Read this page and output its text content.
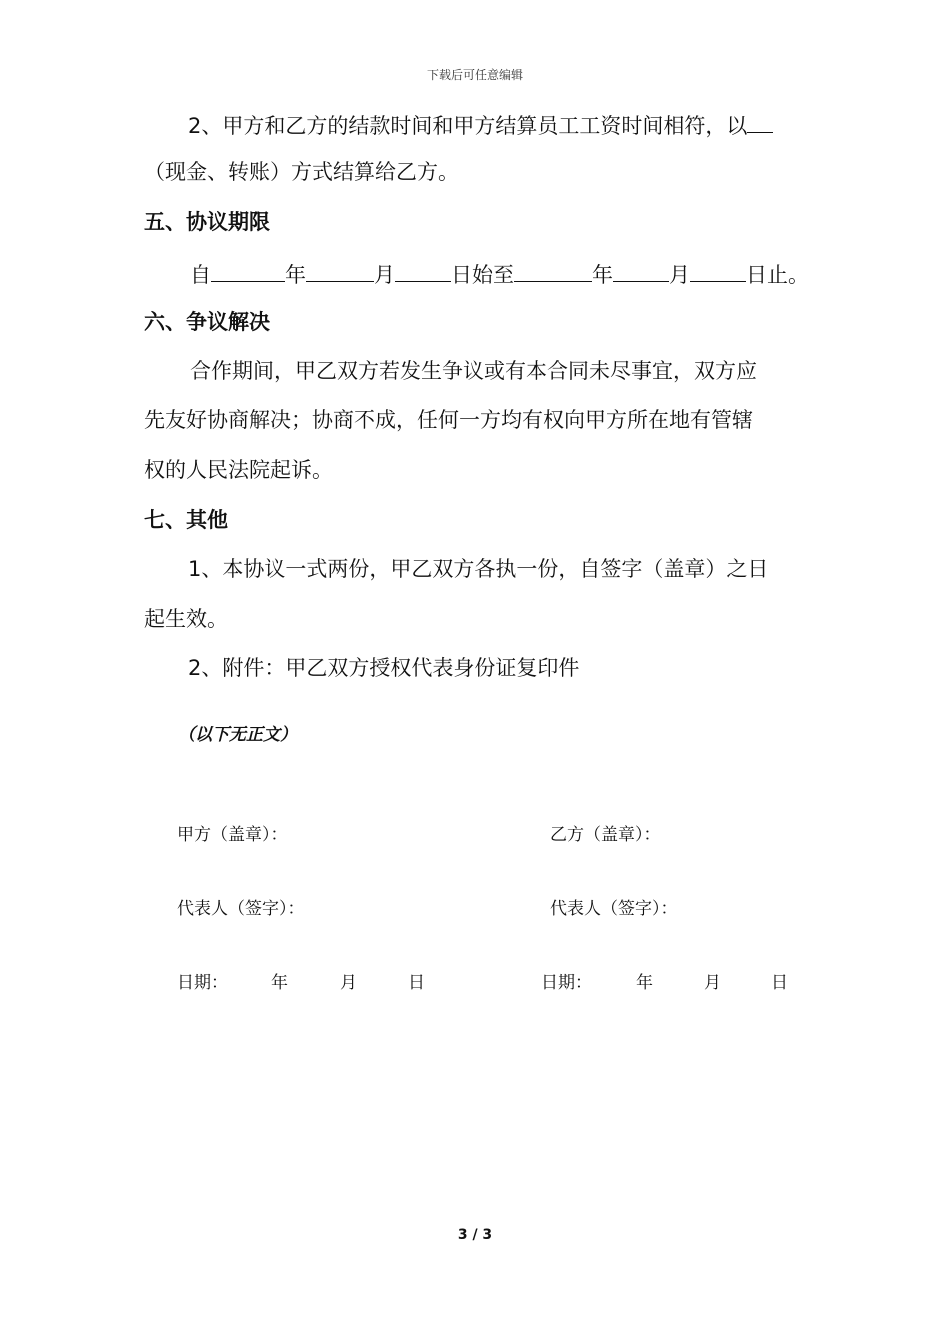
下载后可任意编辑
2、甲方和乙方的结款时间和甲方结算员工工资时间相符，以
（现金、转账）方式结算给乙方。
五、协议期限
自	年	月	日始至	年	月	日止。
六、争议解决
合作期间，甲乙双方若发生争议或有本合同未尽事宜，双方应
先友好协商解决；协商不成，任何一方均有权向甲方所在地有管辖
权的人民法院起诉。
七、其他
1、本协议一式两份，甲乙双方各执一份，自签字（盖章）之日
起生效。
2、附件：甲乙双方授权代表身份证复印件
（以下无正文）
甲方（盖章）：	乙方（盖章）：
代表人（签字）：	代表人（签字）：
日期：	年	月	日	日期：	年	月	日
3 / 3
